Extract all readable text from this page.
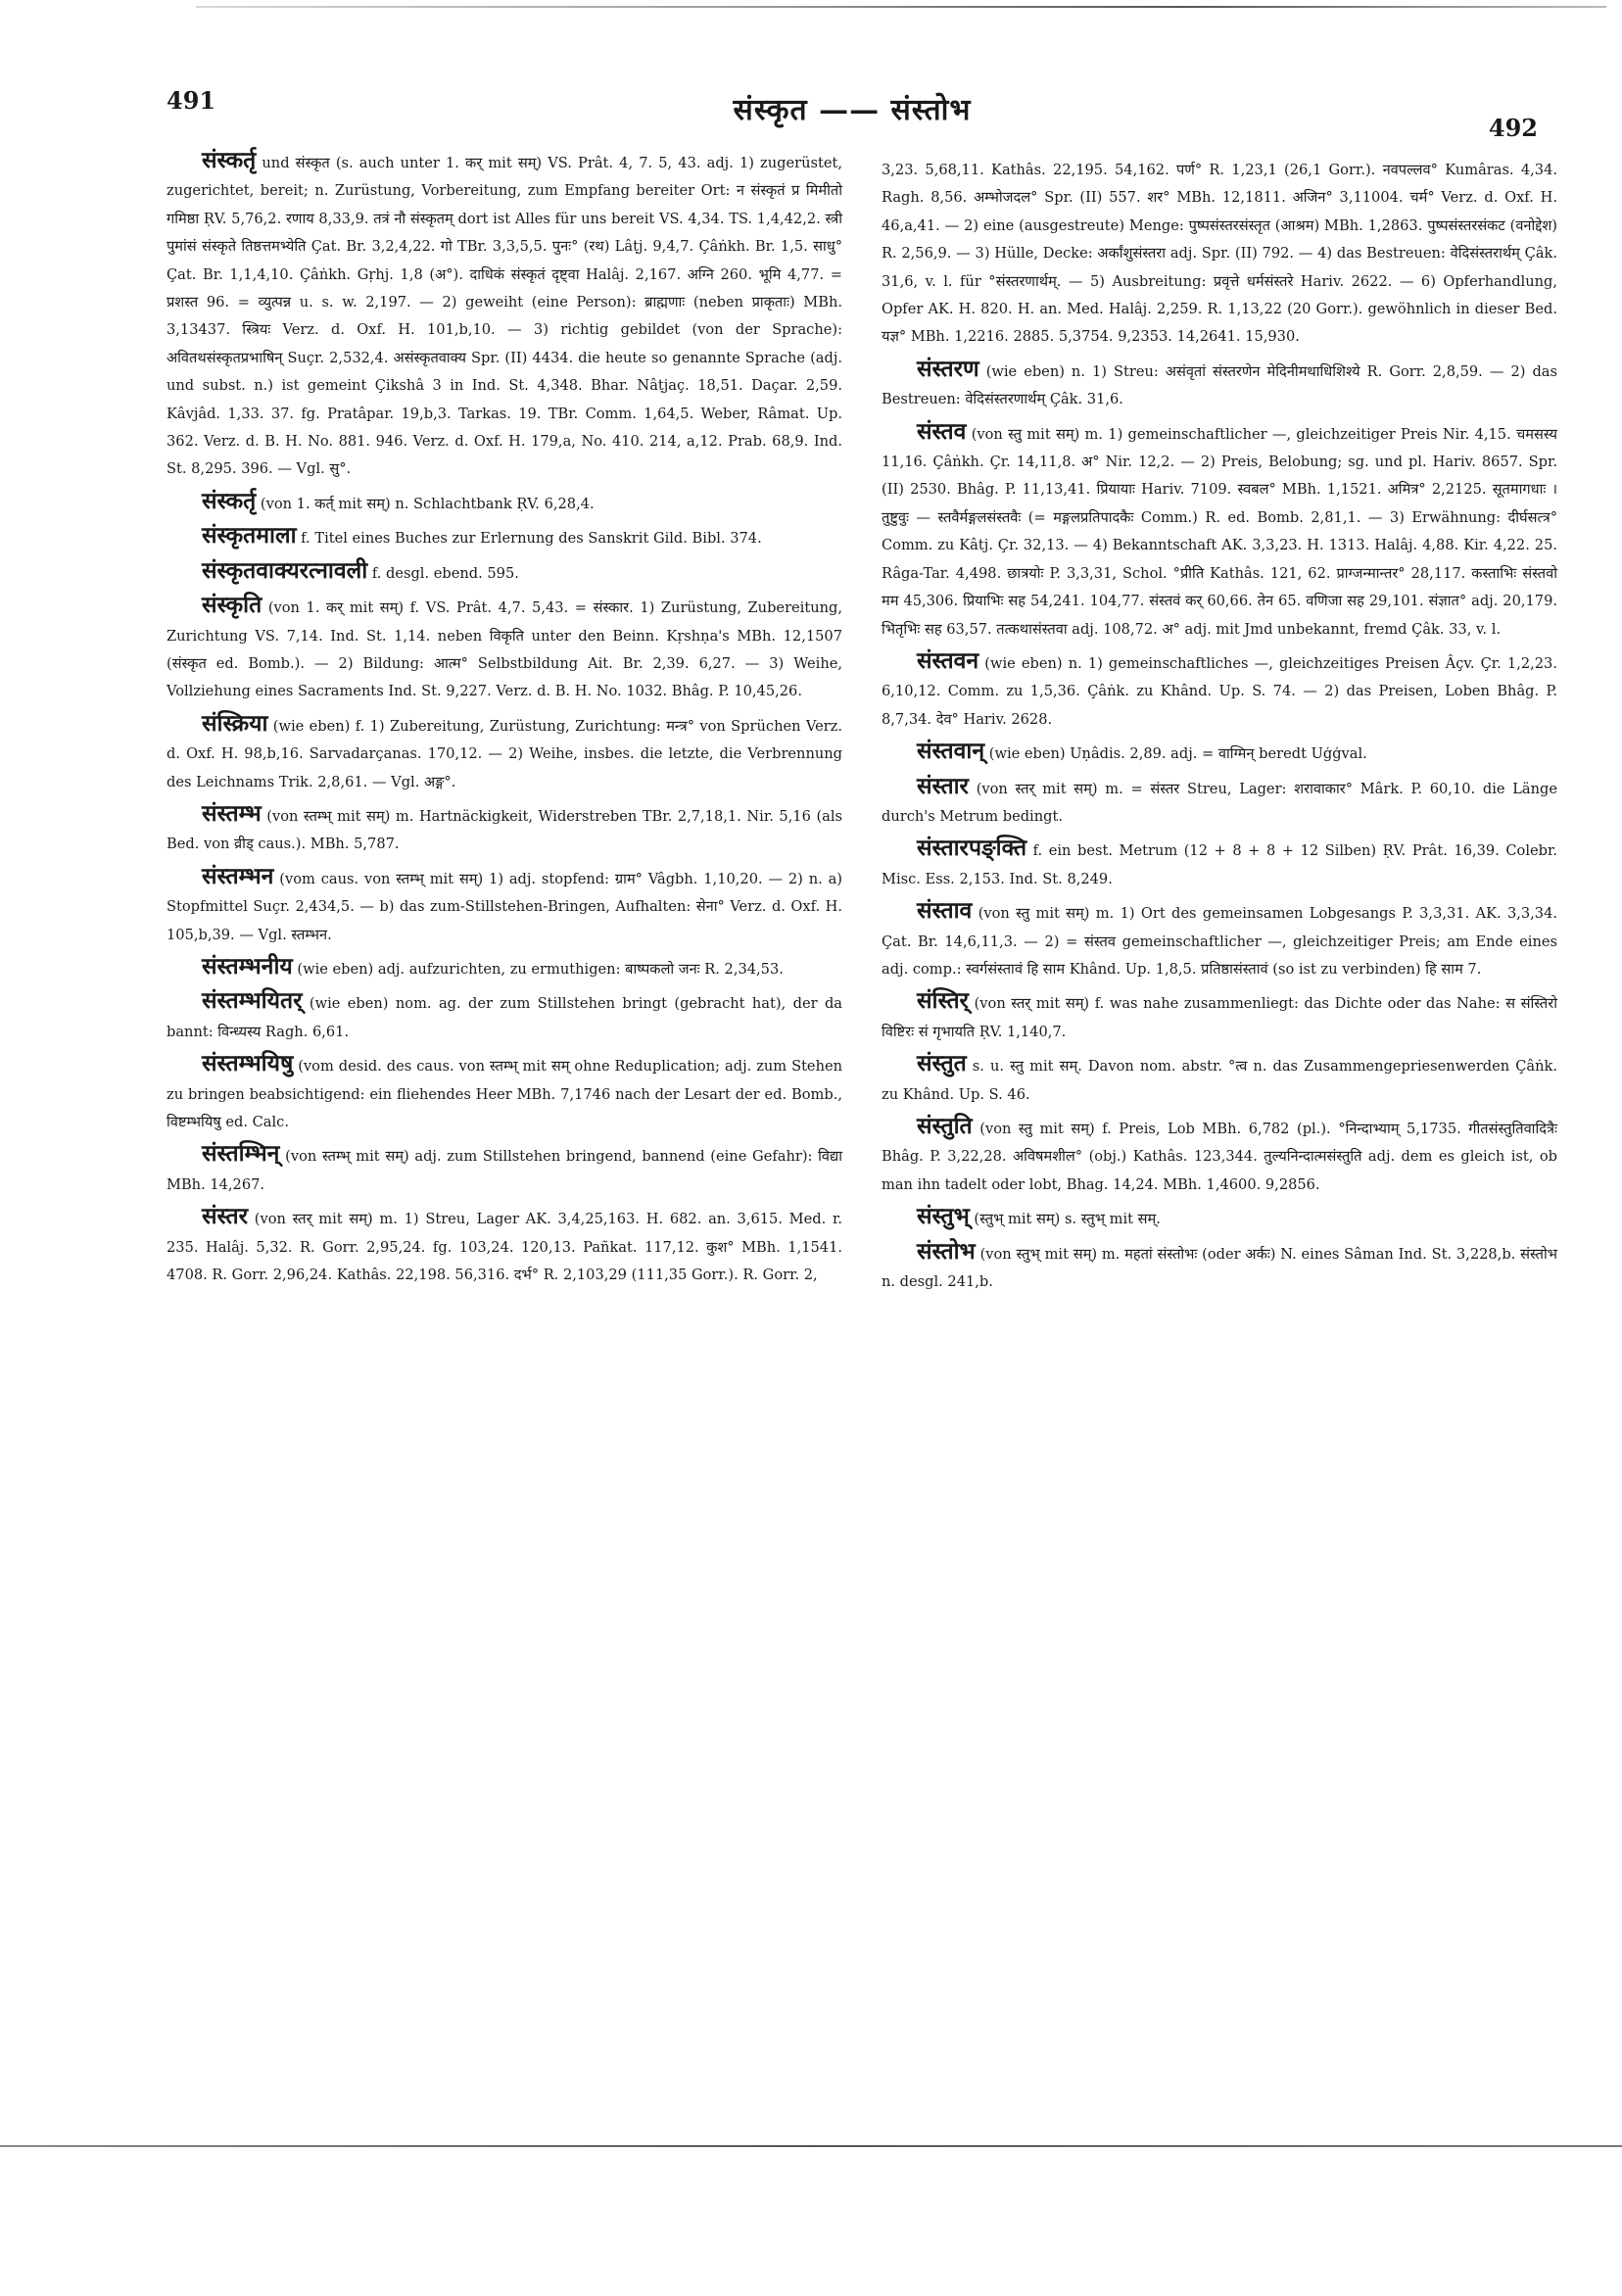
491	संस्कृत —— संस्तोभ
492

संस्कर्तृ und संस्कृत (s. auch unter 1. कर् mit सम्) VS. Prât. 4, 7. 5, 43. adj. 1) zugerüstet, zugerichtet, bereit; n. Zurüstung, Vorbereitung, zum Empfang bereiter Ort: न संस्कृतं प्र मिमीतो गमिष्ठा ṚV. 5,76,2. रणाय 8,33,9. तत्रं नौ संस्कृतम् dort ist Alles für uns bereit VS. 4,34. TS. 1,4,42,2. स्त्री पुमांसं संस्कृते तिष्ठत्तमभ्येति Çat. Br. 3,2,4,22. गो TBr. 3,3,5,5. पुनः° (रथ) Lâṭj. 9,4,7. Çâṅkh. Br. 1,5. साधु° Çat. Br. 1,1,4,10. Çâṅkh. Gṛhj. 1,8 (अ°). दाधिकं संस्कृतं दृष्ट्वा Halâj. 2,167. अग्नि 260. भूमि 4,77. = प्रशस्त 96. = व्युत्पन्न u. s. w. 2,197. — 2) geweiht (eine Person): ब्राह्मणाः (neben प्राकृताः) MBh. 3,13437. स्त्रियः Verz. d. Oxf. H. 101,b,10. — 3) richtig gebildet (von der Sprache): अवितथसंस्कृतप्रभाषिन् Suçr. 2,532,4. असंस्कृतवाक्य Spr. (II) 4434. die heute so genannte Sprache (adj. und subst. n.) ist gemeint Çikshâ 3 in Ind. St. 4,348. Bhar. Nâṭjaç. 18,51. Daçar. 2,59. Kâvjâd. 1,33. 37. fg. Pratâpar. 19,b,3. Tarkas. 19. TBr. Comm. 1,64,5. Weber, Râmat. Up. 362. Verz. d. B. H. No. 881. 946. Verz. d. Oxf. H. 179,a, No. 410. 214, a,12. Prab. 68,9. Ind. St. 8,295. 396. — Vgl. सु°.

संस्कर्तृ (von 1. कर्त् mit सम्) n. Schlachtbank ṚV. 6,28,4.

संस्कृतमाला f. Titel eines Buches zur Erlernung des Sanskrit Gild. Bibl. 374.

संस्कृतवाक्यरत्नावली f. desgl. ebend. 595.

संस्कृति (von 1. कर् mit सम्) f. VS. Prât. 4,7. 5,43. = संस्कार. 1) Zurüstung, Zubereitung, Zurichtung VS. 7,14. Ind. St. 1,14. neben विकृति unter den Beinn. Kṛshṇa's MBh. 12,1507 (संस्कृत ed. Bomb.). — 2) Bildung: आत्म° Selbstbildung Ait. Br. 2,39. 6,27. — 3) Weihe, Vollziehung eines Sacraments Ind. St. 9,227. Verz. d. B. H. No. 1032. Bhâg. P. 10,45,26.

संस्क्रिया (wie eben) f. 1) Zubereitung, Zurüstung, Zurichtung: मन्त्र° von Sprüchen Verz. d. Oxf. H. 98,b,16. Sarvadarçanas. 170,12. — 2) Weihe, insbes. die letzte, die Verbrennung des Leichnams Trik. 2,8,61. — Vgl. अङ्ग°.

संस्तम्भ (von स्तम्भ् mit सम्) m. Hartnäckigkeit, Widerstreben TBr. 2,7,18,1. Nir. 5,16 (als Bed. von व्रीड् caus.). MBh. 5,787.

संस्तम्भन (vom caus. von स्तम्भ् mit सम्) 1) adj. stopfend: ग्राम° Vâgbh. 1,10,20. — 2) n. a) Stopfmittel Suçr. 2,434,5. — b) das zum-Stillstehen-Bringen, Aufhalten: सेना° Verz. d. Oxf. H. 105,b,39. — Vgl. स्तम्भन.

संस्तम्भनीय (wie eben) adj. aufzurichten, zu ermuthigen: बाष्पकलो जनः R. 2,34,53.

संस्तम्भयितर् (wie eben) nom. ag. der zum Stillstehen bringt (gebracht hat), der da bannt: विन्ध्यस्य Ragh. 6,61.

संस्तम्भयिषु (vom desid. des caus. von स्तम्भ् mit सम् ohne Reduplication; adj. zum Stehen zu bringen beabsichtigend: ein fliehendes Heer MBh. 7,1746 nach der Lesart der ed. Bomb., विष्टम्भयिषु ed. Calc.

संस्तम्भिन् (von स्तम्भ् mit सम्) adj. zum Stillstehen bringend, bannend (eine Gefahr): विद्या MBh. 14,267.

संस्तर (von स्तर् mit सम्) m. 1) Streu, Lager AK. 3,4,25,163. H. 682. an. 3,615. Med. r. 235. Halâj. 5,32. R. Gorr. 2,95,24. fg. 103,24. 120,13. Pañkat. 117,12. कुश° MBh. 1,1541. 4708. R. Gorr. 2,96,24. Kathâs. 22,198. 56,316. दर्भ° R. 2,103,29 (111,35 Gorr.). R. Gorr. 2,

3,23. 5,68,11. Kathâs. 22,195. 54,162. पर्ण° R. 1,23,1 (26,1 Gorr.). नवपल्लव° Kumâras. 4,34. Ragh. 8,56. अम्भोजदल° Spr. (II) 557. शर° MBh. 12,1811. अजिन° 3,11004. चर्म° Verz. d. Oxf. H. 46,a,41. — 2) eine (ausgestreute) Menge: पुष्पसंस्तरसंस्तृत (आश्रम) MBh. 1,2863. पुष्पसंस्तरसंकट (वनोद्देश) R. 2,56,9. — 3) Hülle, Decke: अर्कांशुसंस्तरा adj. Spr. (II) 792. — 4) das Bestreuen: वेदिसंस्तरार्थम् Çâk. 31,6, v. l. für °संस्तरणार्थम्. — 5) Ausbreitung: प्रवृत्ते धर्मसंस्तरे Hariv. 2622. — 6) Opferhandlung, Opfer AK. H. 820. H. an. Med. Halâj. 2,259. R. 1,13,22 (20 Gorr.). gewöhnlich in dieser Bed. यज्ञ° MBh. 1,2216. 2885. 5,3754. 9,2353. 14,2641. 15,930.

संस्तरण (wie eben) n. 1) Streu: असंवृतां संस्तरणेन मेदिनीमथाधिशिश्ये R. Gorr. 2,8,59. — 2) das Bestreuen: वेदिसंस्तरणार्थम् Çâk. 31,6.

संस्तव (von स्तु mit सम्) m. 1) gemeinschaftlicher —, gleichzeitiger Preis Nir. 4,15. चमसस्य 11,16. Çâṅkh. Çr. 14,11,8. अ° Nir. 12,2. — 2) Preis, Belobung; sg. und pl. Hariv. 8657. Spr. (II) 2530. Bhâg. P. 11,13,41. प्रियायाः Hariv. 7109. स्वबल° MBh. 1,1521. अमित्र° 2,2125. सूतमागधाः । तुष्टुवुः — स्तवैर्मङ्गलसंस्तवैः (= मङ्गलप्रतिपादकैः Comm.) R. ed. Bomb. 2,81,1. — 3) Erwähnung: दीर्घसत्त्र° Comm. zu Kâtj. Çr. 32,13. — 4) Bekanntschaft AK. 3,3,23. H. 1313. Halâj. 4,88. Kir. 4,22. 25. Râga-Tar. 4,498. छात्रयोः P. 3,3,31, Schol. °प्रीति Kathâs. 121, 62. प्राग्जन्मान्तर° 28,117. कस्ताभिः संस्तवो मम 45,306. प्रियाभिः सह 54,241. 104,77. संस्तवं कर् 60,66. तेन 65. वणिजा सह 29,101. संज्ञात° adj. 20,179. भितृभिः सह 63,57. तत्कथासंस्तवा adj. 108,72. अ° adj. mit Jmd unbekannt, fremd Çâk. 33, v. l.

संस्तवन (wie eben) n. 1) gemeinschaftliches —, gleichzeitiges Preisen Âçv. Çr. 1,2,23. 6,10,12. Comm. zu 1,5,36. Çâṅk. zu Khând. Up. S. 74. — 2) das Preisen, Loben Bhâg. P. 8,7,34. देव° Hariv. 2628.

संस्तवान् (wie eben) Uṇâdis. 2,89. adj. = वाग्मिन् beredt Uģģval.

संस्तार (von स्तर् mit सम्) m. = संस्तर Streu, Lager: शरावाकार° Mârk. P. 60,10. die Länge durch's Metrum bedingt.

संस्तारपङ्क्ति f. ein best. Metrum (12 + 8 + 8 + 12 Silben) ṚV. Prât. 16,39. Colebr. Misc. Ess. 2,153. Ind. St. 8,249.

संस्ताव (von स्तु mit सम्) m. 1) Ort des gemeinsamen Lobgesangs P. 3,3,31. AK. 3,3,34. Çat. Br. 14,6,11,3. — 2) = संस्तव gemeinschaftlicher —, gleichzeitiger Preis; am Ende eines adj. comp.: स्वर्गसंस्तावं हि साम Khând. Up. 1,8,5. प्रतिष्ठासंस्तावं (so ist zu verbinden) हि साम 7.

संस्तिर् (von स्तर् mit सम्) f. was nahe zusammenliegt: das Dichte oder das Nahe: स संस्तिरो विष्टिरः सं गृभायति ṚV. 1,140,7.

संस्तुत s. u. स्तु mit सम्. Davon nom. abstr. °त्व n. das Zusammengepriesenwerden Çâṅk. zu Khând. Up. S. 46.

संस्तुति (von स्तु mit सम्) f. Preis, Lob MBh. 6,782 (pl.). °निन्दाभ्याम् 5,1735. गीतसंस्तुतिवादित्रैः Bhâg. P. 3,22,28. अविषमशील° (obj.) Kathâs. 123,344. तुल्यनिन्दात्मसंस्तुति adj. dem es gleich ist, ob man ihn tadelt oder lobt, Bhag. 14,24. MBh. 1,4600. 9,2856.

संस्तुभ् (स्तुभ् mit सम्) s. स्तुभ् mit सम्.

संस्तोभ (von स्तुभ् mit सम्) m. महतां संस्तोभः (oder अर्कः) N. eines Sâman Ind. St. 3,228,b. संस्तोभ n. desgl. 241,b.
